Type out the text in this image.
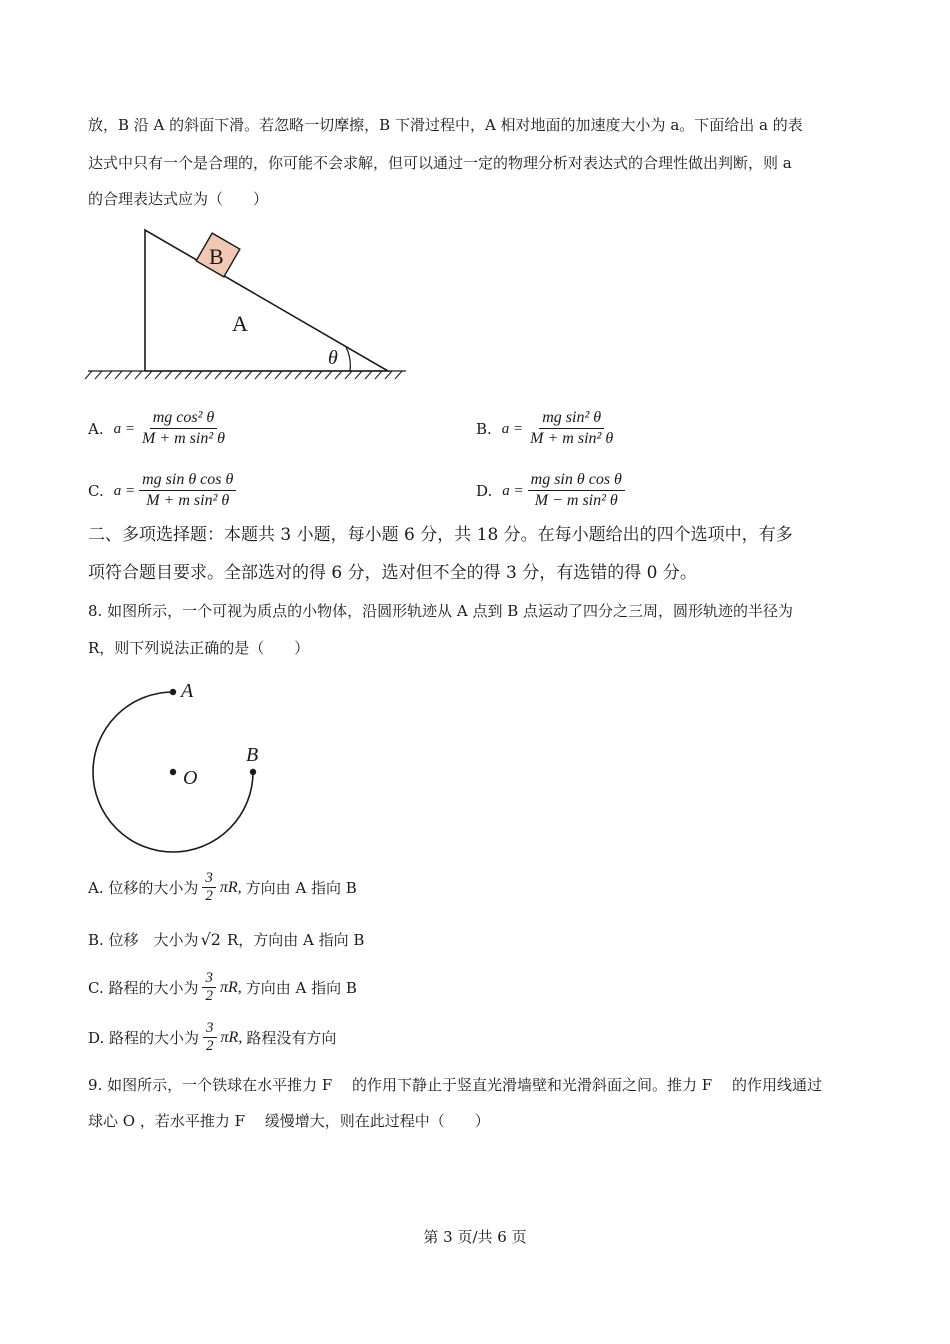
放，B 沿 A 的斜面下滑。若忽略一切摩擦，B 下滑过程中，A 相对地面的加速度大小为 a。下面给出 a 的表
达式中只有一个是合理的，你可能不会求解，但可以通过一定的物理分析对表达式的合理性做出判断，则 a
的合理表达式应为（　　）
B
A
θ
A. $a = \frac{\text{mg cos² θ}}{\text{M + m sin² θ}}$	B. $a = \frac{\text{mg sin² θ}}{\text{M + m sin² θ}}$
C. $a = \frac{\text{mg sin θ cos θ}}{\text{M + m sin² θ}}$	D. $a = \frac{\text{mg sin θ cos θ}}{\text{M − m sin² θ}}$
二、多项选择题：本题共 3 小题，每小题 6 分，共 18 分。在每小题给出的四个选项中，有多
项符合题目要求。全部选对的得 6 分，选对但不全的得 3 分，有选错的得 0 分。
8. 如图所示，一个可视为质点的小物体，沿圆形轨迹从 A 点到 B 点运动了四分之三周，圆形轨迹的半径为
R，则下列说法正确的是（　　）
A
B
O
A. 位移的大小为 $\frac{3}{2} \pi R$, 方向由 A 指向 B
B. 位移　大小为 √2 R，方向由 A 指向 B
C. 路程的大小为 $\frac{3}{2} \pi R$, 方向由 A 指向 B
D. 路程的大小为 $\frac{3}{2} \pi R$, 路程没有方向
9. 如图所示，一个铁球在水平推力 F 　的作用下静止于竖直光滑墙壁和光滑斜面之间。推力 F 　的作用线通过
球心 O ，若水平推力 F 　缓慢增大，则在此过程中（　　）
第 3 页/共 6 页
